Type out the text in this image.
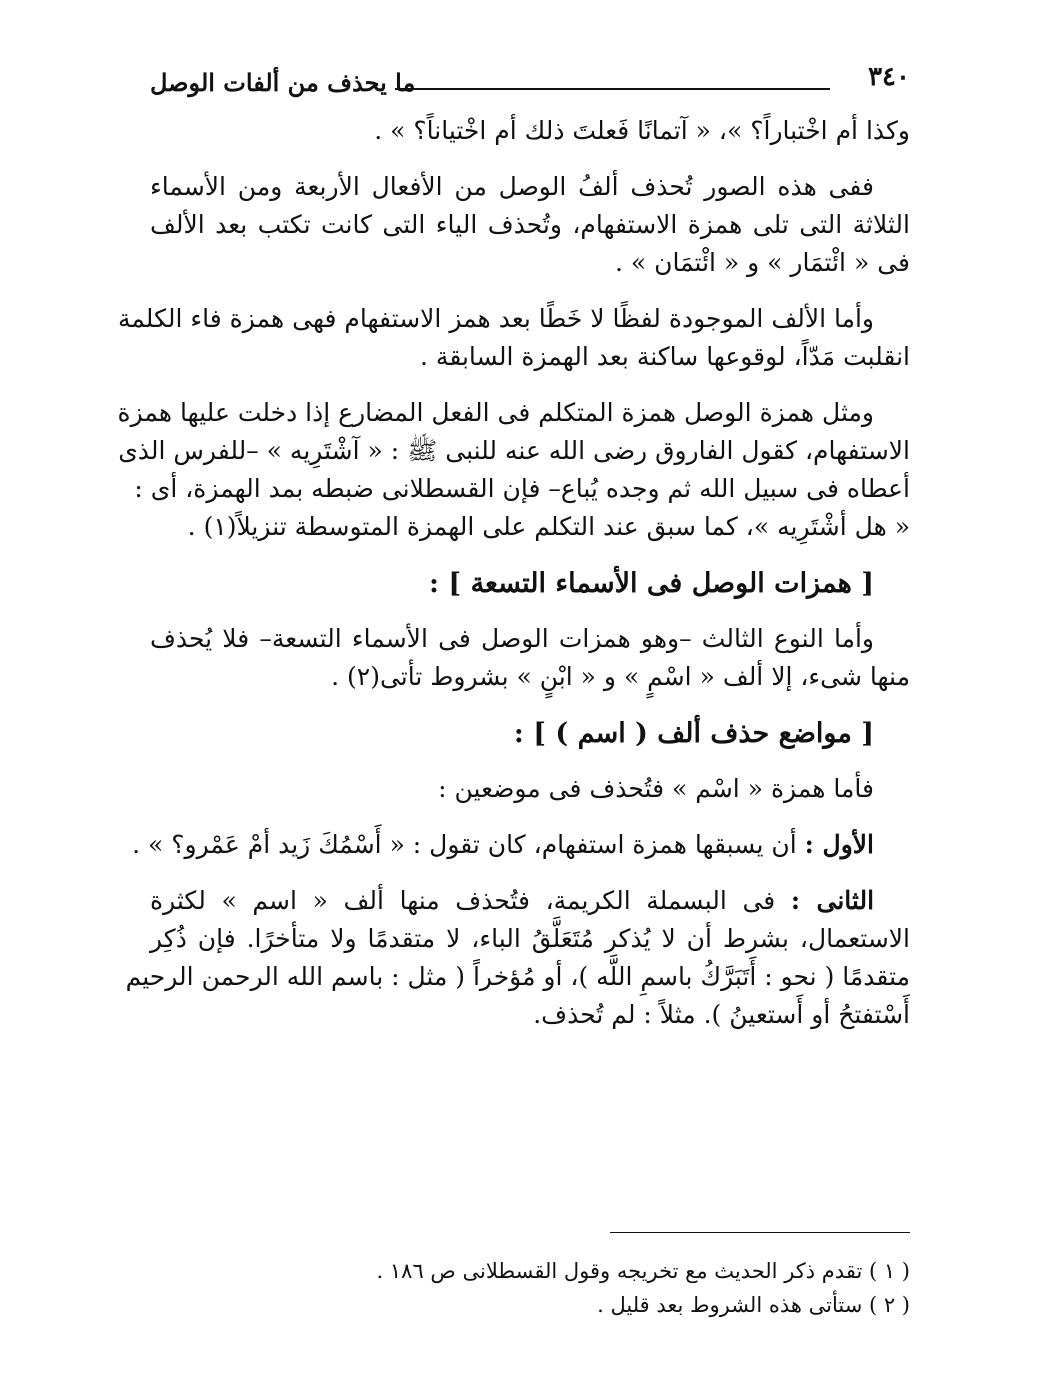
٣٤٠
ما يحذف من ألفات الوصل
وكذا أم اخْتباراً؟ »، « آتمانًا فَعلتَ ذلك أم اخْتياناً؟ » .
ففى هذه الصور تُحذف ألفُ الوصل من الأفعال الأربعة ومن الأسماء
الثلاثة التى تلى همزة الاستفهام، وتُحذف الياء التى كانت تكتب بعد الألف
فى « ائْتمَار » و « ائْتمَان » .
وأما الألف الموجودة لفظًا لا خَطًا بعد همز الاستفهام فهى همزة فاء الكلمة
انقلبت مَدّاً، لوقوعها ساكنة بعد الهمزة السابقة .
ومثل همزة الوصل همزة المتكلم فى الفعل المضارع إذا دخلت عليها همزة
الاستفهام، كقول الفاروق رضى الله عنه للنبى ﷺ : « آشْتَرِيه » –للفرس الذى
أعطاه فى سبيل الله ثم وجده يُباع– فإن القسطلانى ضبطه بمد الهمزة، أى :
« هل أشْتَرِيه »، كما سبق عند التكلم على الهمزة المتوسطة تنزيلاً(١) .
[ همزات الوصل فى الأسماء التسعة ] :
وأما النوع الثالث –وهو همزات الوصل فى الأسماء التسعة– فلا يُحذف
منها شىء، إلا ألف « اسْمٍ » و « ابْنٍ » بشروط تأتى(٢) .
[ مواضع حذف ألف ( اسم ) ] :
فأما همزة « اسْم » فتُحذف فى موضعين :
الأول : أن يسبقها همزة استفهام، كان تقول : « أَسْمُكَ زَيد أمْ عَمْرو؟ » .
الثانى : فى البسملة الكريمة، فتُحذف منها ألف « اسم » لكثرة
الاستعمال، بشرط أن لا يُذكر مُتَعَلَّقُ الباء، لا متقدمًا ولا متأخرًا. فإن ذُكِر
متقدمًا ( نحو : أَتَبَرَّكُ باسمِ اللَّه )، أو مُؤخراً ( مثل : باسم الله الرحمن الرحيم
أَسْتفتحُ أو أَستعينُ ). مثلاً : لم تُحذف.
( ١ ) تقدم ذكر الحديث مع تخريجه وقول القسطلانى ص ١٨٦ .
( ٢ ) ستأتى هذه الشروط بعد قليل .
